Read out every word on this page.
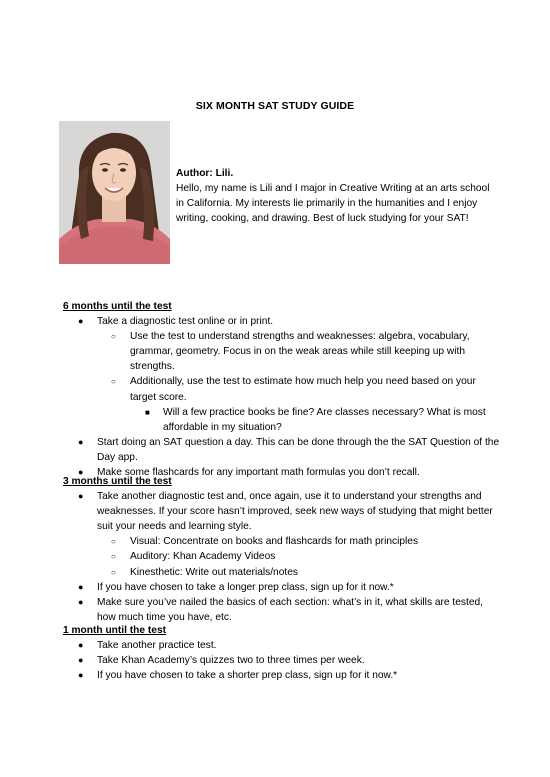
SIX MONTH SAT STUDY GUIDE
Author: Lili.
Hello, my name is Lili and I major in Creative Writing at an arts school in California. My interests lie primarily in the humanities and I enjoy writing, cooking, and drawing. Best of luck studying for your SAT!
6 months until the test
● Take a diagnostic test online or in print.
○ Use the test to understand strengths and weaknesses: algebra, vocabulary, grammar, geometry. Focus in on the weak areas while still keeping up with strengths.
○ Additionally, use the test to estimate how much help you need based on your target score.
■ Will a few practice books be fine? Are classes necessary? What is most affordable in my situation?
● Start doing an SAT question a day. This can be done through the the SAT Question of the Day app.
● Make some flashcards for any important math formulas you don’t recall.
3 months until the test
● Take another diagnostic test and, once again, use it to understand your strengths and weaknesses. If your score hasn’t improved, seek new ways of studying that might better suit your needs and learning style.
○ Visual: Concentrate on books and flashcards for math principles
○ Auditory: Khan Academy Videos
○ Kinesthetic: Write out materials/notes
● If you have chosen to take a longer prep class, sign up for it now.*
● Make sure you’ve nailed the basics of each section: what’s in it, what skills are tested, how much time you have, etc.
1 month until the test
● Take another practice test.
● Take Khan Academy’s quizzes two to three times per week.
● If you have chosen to take a shorter prep class, sign up for it now.*
